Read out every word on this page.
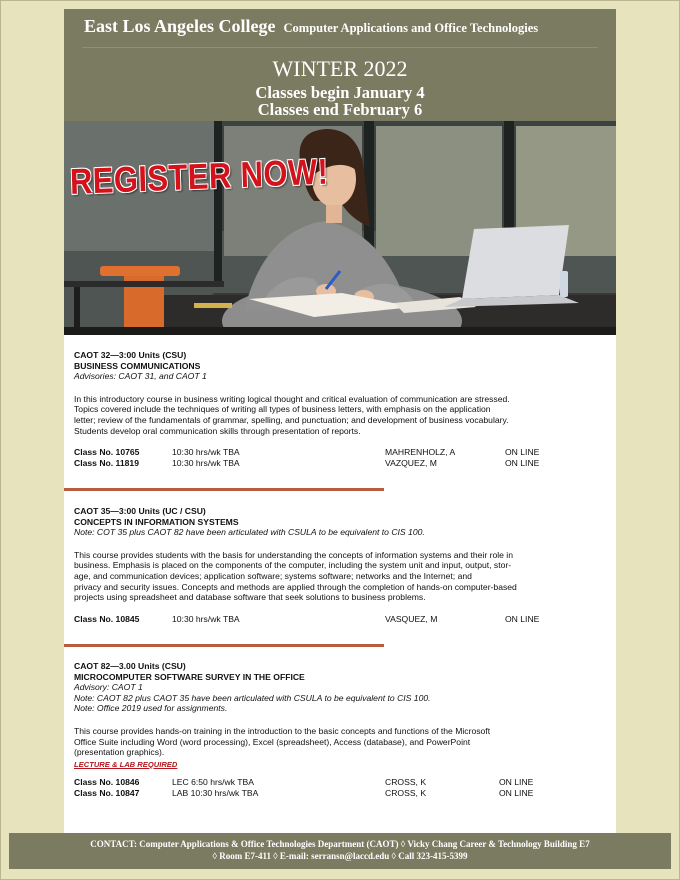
East Los Angeles College Computer Applications and Office Technologies
WINTER 2022
Classes begin January 4
Classes end February 6
REGISTER NOW!
CAOT 32—3:00 Units (CSU)
BUSINESS COMMUNICATIONS
Advisories: CAOT 31, and CAOT 1
In this introductory course in business writing logical thought and critical evaluation of communication are stressed.
Topics covered include the techniques of writing all types of business letters, with emphasis on the application
letter; review of the fundamentals of grammar, spelling, and punctuation; and development of business vocabulary.
Students develop oral communication skills through presentation of reports.
Class No. 10765	10:30 hrs/wk TBA	MAHRENHOLZ, A	ON LINE
Class No. 11819	10:30 hrs/wk TBA	VAZQUEZ, M	ON LINE
CAOT 35—3:00 Units (UC / CSU)
CONCEPTS IN INFORMATION SYSTEMS
Note: COT 35 plus CAOT 82 have been articulated with CSULA to be equivalent to CIS 100.
This course provides students with the basis for understanding the concepts of information systems and their role in
business. Emphasis is placed on the components of the computer, including the system unit and input, output, stor-
age, and communication devices; application software; systems software; networks and the Internet; and
privacy and security issues. Concepts and methods are applied through the completion of hands-on computer-based
projects using spreadsheet and database software that seek solutions to business problems.
Class No. 10845	10:30 hrs/wk TBA	VASQUEZ, M	ON LINE
CAOT 82—3.00 Units (CSU)
MICROCOMPUTER SOFTWARE SURVEY IN THE OFFICE
Advisory: CAOT 1
Note: CAOT 82 plus CAOT 35 have been articulated with CSULA to be equivalent to CIS 100.
Note: Office 2019 used for assignments.
This course provides hands-on training in the introduction to the basic concepts and functions of the Microsoft
Office Suite including Word (word processing), Excel (spreadsheet), Access (database), and PowerPoint
(presentation graphics).
LECTURE & LAB REQUIRED
Class No. 10846	LEC 6:50 hrs/wk TBA	CROSS, K	ON LINE
Class No. 10847	LAB 10:30 hrs/wk TBA	CROSS, K	ON LINE
CONTACT: Computer Applications & Office Technologies Department (CAOT) ◊ Vicky Chang Career & Technology Building E7
◊ Room E7-411 ◊ E-mail: serransn@laccd.edu ◊ Call 323-415-5399
